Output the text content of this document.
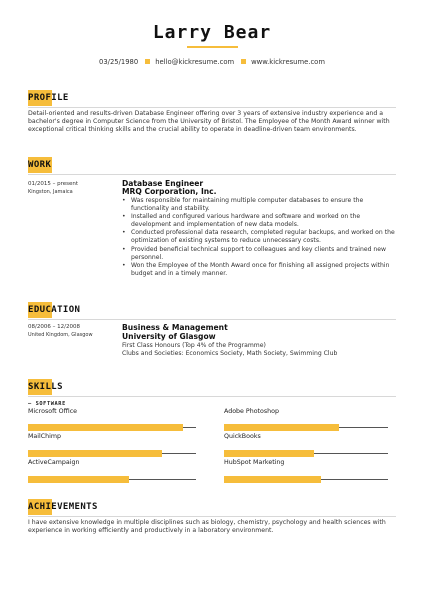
Larry Bear
03/25/1980	hello@kickresume.com	www.kickresume.com
PROFILE
Detail-oriented and results-driven Database Engineer offering over 3 years of extensive industry experience and a bachelor's degree in Computer Science from the University of Bristol. The Employee of the Month Award winner with exceptional critical thinking skills and the crucial ability to operate in deadline-driven team environments.
WORK
01/2015 – present
Kingston, Jamaica
Database Engineer
MRQ Corporation, Inc.
• Was responsible for maintaining multiple computer databases to ensure the functionality and stability.
• Installed and configured various hardware and software and worked on the development and implementation of new data models.
• Conducted professional data research, completed regular backups, and worked on the optimization of existing systems to reduce unnecessary costs.
• Provided beneficial technical support to colleagues and key clients and trained new personnel.
• Won the Employee of the Month Award once for finishing all assigned projects within budget and in a timely manner.
EDUCATION
08/2006 – 12/2008
United Kingdom, Glasgow
Business & Management
University of Glasgow
First Class Honours (Top 4% of the Programme)
Clubs and Societies: Economics Society, Math Society, Swimming Club
SKILLS
– SOFTWARE
Microsoft Office	Adobe Photoshop
MailChimp	QuickBooks
ActiveCampaign	HubSpot Marketing
ACHIEVEMENTS
I have extensive knowledge in multiple disciplines such as biology, chemistry, psychology and health sciences with experience in working efficiently and productively in a laboratory environment.
